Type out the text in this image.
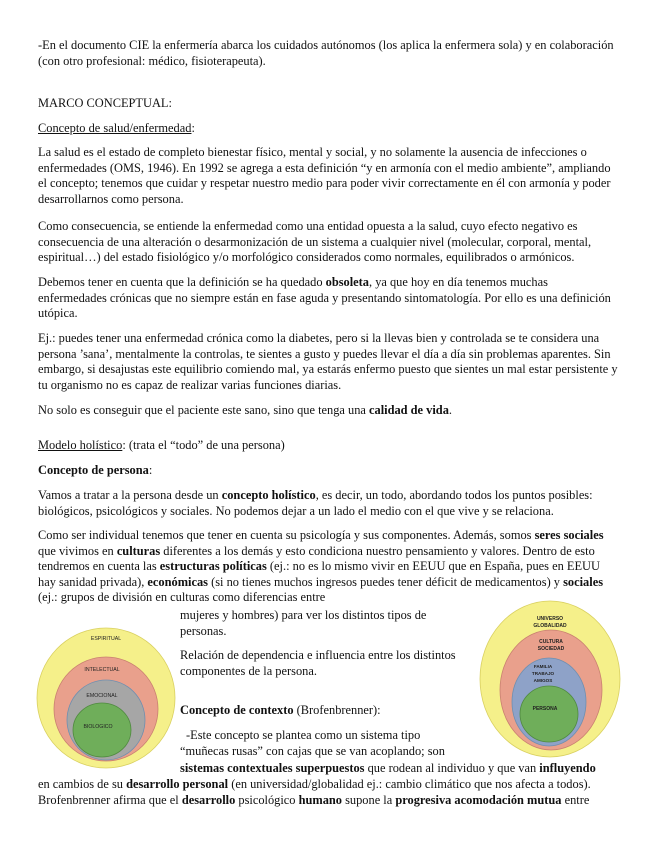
-En el documento CIE la enfermería abarca los cuidados autónomos (los aplica la enfermera sola) y en colaboración (con otro profesional: médico, fisioterapeuta).

MARCO CONCEPTUAL:

Concepto de salud/enfermedad:

La salud es el estado de completo bienestar físico, mental y social, y no solamente la ausencia de infecciones o enfermedades (OMS, 1946). En 1992 se agrega a esta definición “y en armonía con el medio ambiente”, ampliando el concepto; tenemos que cuidar y respetar nuestro medio para poder vivir correctamente en él con armonía y poder desarrollarnos como persona.

Como consecuencia, se entiende la enfermedad como una entidad opuesta a la salud, cuyo efecto negativo es consecuencia de una alteración o desarmonización de un sistema a cualquier nivel (molecular, corporal, mental, espiritual…) del estado fisiológico y/o morfológico considerados como normales, equilibrados o armónicos.

Debemos tener en cuenta que la definición se ha quedado obsoleta, ya que hoy en día tenemos muchas enfermedades crónicas que no siempre están en fase aguda y presentando sintomatología. Por ello es una definición utópica.

Ej.: puedes tener una enfermedad crónica como la diabetes, pero si la llevas bien y controlada se te considera una persona ’sana’, mentalmente la controlas, te sientes a gusto y puedes llevar el día a día sin problemas aparentes. Sin embargo, si desajustas este equilibrio comiendo mal, ya estarás enfermo puesto que sientes un mal estar persistente y tu organismo no es capaz de realizar varias funciones diarias.

No solo es conseguir que el paciente este sano, sino que tenga una calidad de vida.

Modelo holístico: (trata el “todo” de una persona)

Concepto de persona:

Vamos a tratar a la persona desde un concepto holístico, es decir, un todo, abordando todos los puntos posibles: biológicos, psicológicos y sociales. No podemos dejar a un lado el medio con el que vive y se relaciona.

Como ser individual tenemos que tener en cuenta su psicología y sus componentes. Además, somos seres sociales que vivimos en culturas diferentes a los demás y esto condiciona nuestro pensamiento y valores. Dentro de esto tendremos en cuenta las estructuras políticas (ej.: no es lo mismo vivir en EEUU que en España, pues en EEUU hay sanidad privada), económicas (si no tienes muchos ingresos puedes tener déficit de medicamentos) y sociales (ej.: grupos de división en culturas como diferencias entre

mujeres y hombres) para ver los distintos tipos de personas.

Relación de dependencia e influencia entre los distintos componentes de la persona.

Concepto de contexto (Brofenbrenner):

-Este concepto se plantea como un sistema tipo “muñecas rusas” con cajas que se van acoplando; son

sistemas contextuales superpuestos que rodean al individuo y que van influyendo

en cambios de su desarrollo personal (en universidad/globalidad ej.: cambio climático que nos afecta a todos).

Brofenbrenner afirma que el desarrollo psicológico humano supone la progresiva acomodación mutua entre

ESPIRITUAL
INTELECTUAL
EMOCIONAL
BIOLOGICO
UNIVERSO
GLOBALIDAD
CULTURA
SOCIEDAD
FAMILIA
TRABAJO
AMIGOS
PERSONA
